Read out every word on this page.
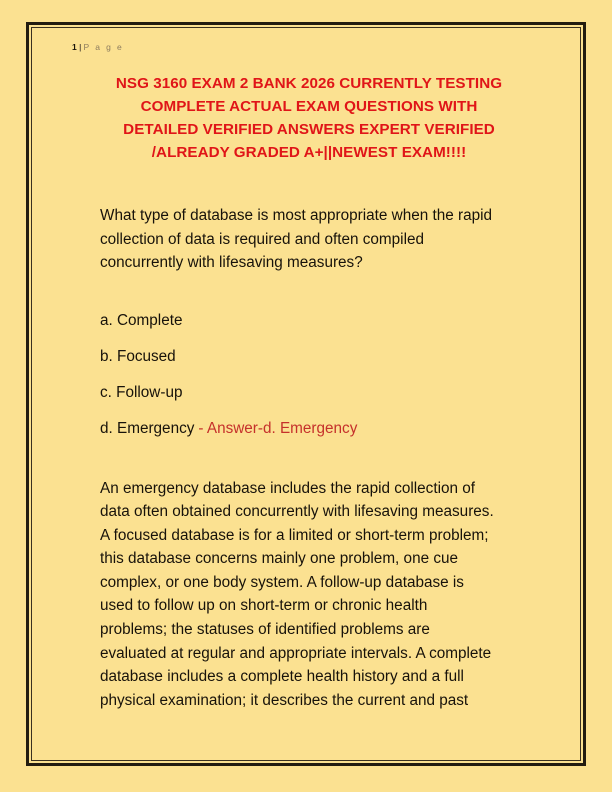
1 | P a g e
NSG 3160 EXAM 2 BANK 2026 CURRENTLY TESTING
COMPLETE ACTUAL EXAM QUESTIONS WITH
DETAILED VERIFIED ANSWERS EXPERT VERIFIED
/ALREADY GRADED A+||NEWEST EXAM!!!!
What type of database is most appropriate when the rapid
collection of data is required and often compiled
concurrently with lifesaving measures?
a. Complete
b. Focused
c. Follow-up
d. Emergency - Answer-d. Emergency
An emergency database includes the rapid collection of
data often obtained concurrently with lifesaving measures.
A focused database is for a limited or short-term problem;
this database concerns mainly one problem, one cue
complex, or one body system. A follow-up database is
used to follow up on short-term or chronic health
problems; the statuses of identified problems are
evaluated at regular and appropriate intervals. A complete
database includes a complete health history and a full
physical examination; it describes the current and past
